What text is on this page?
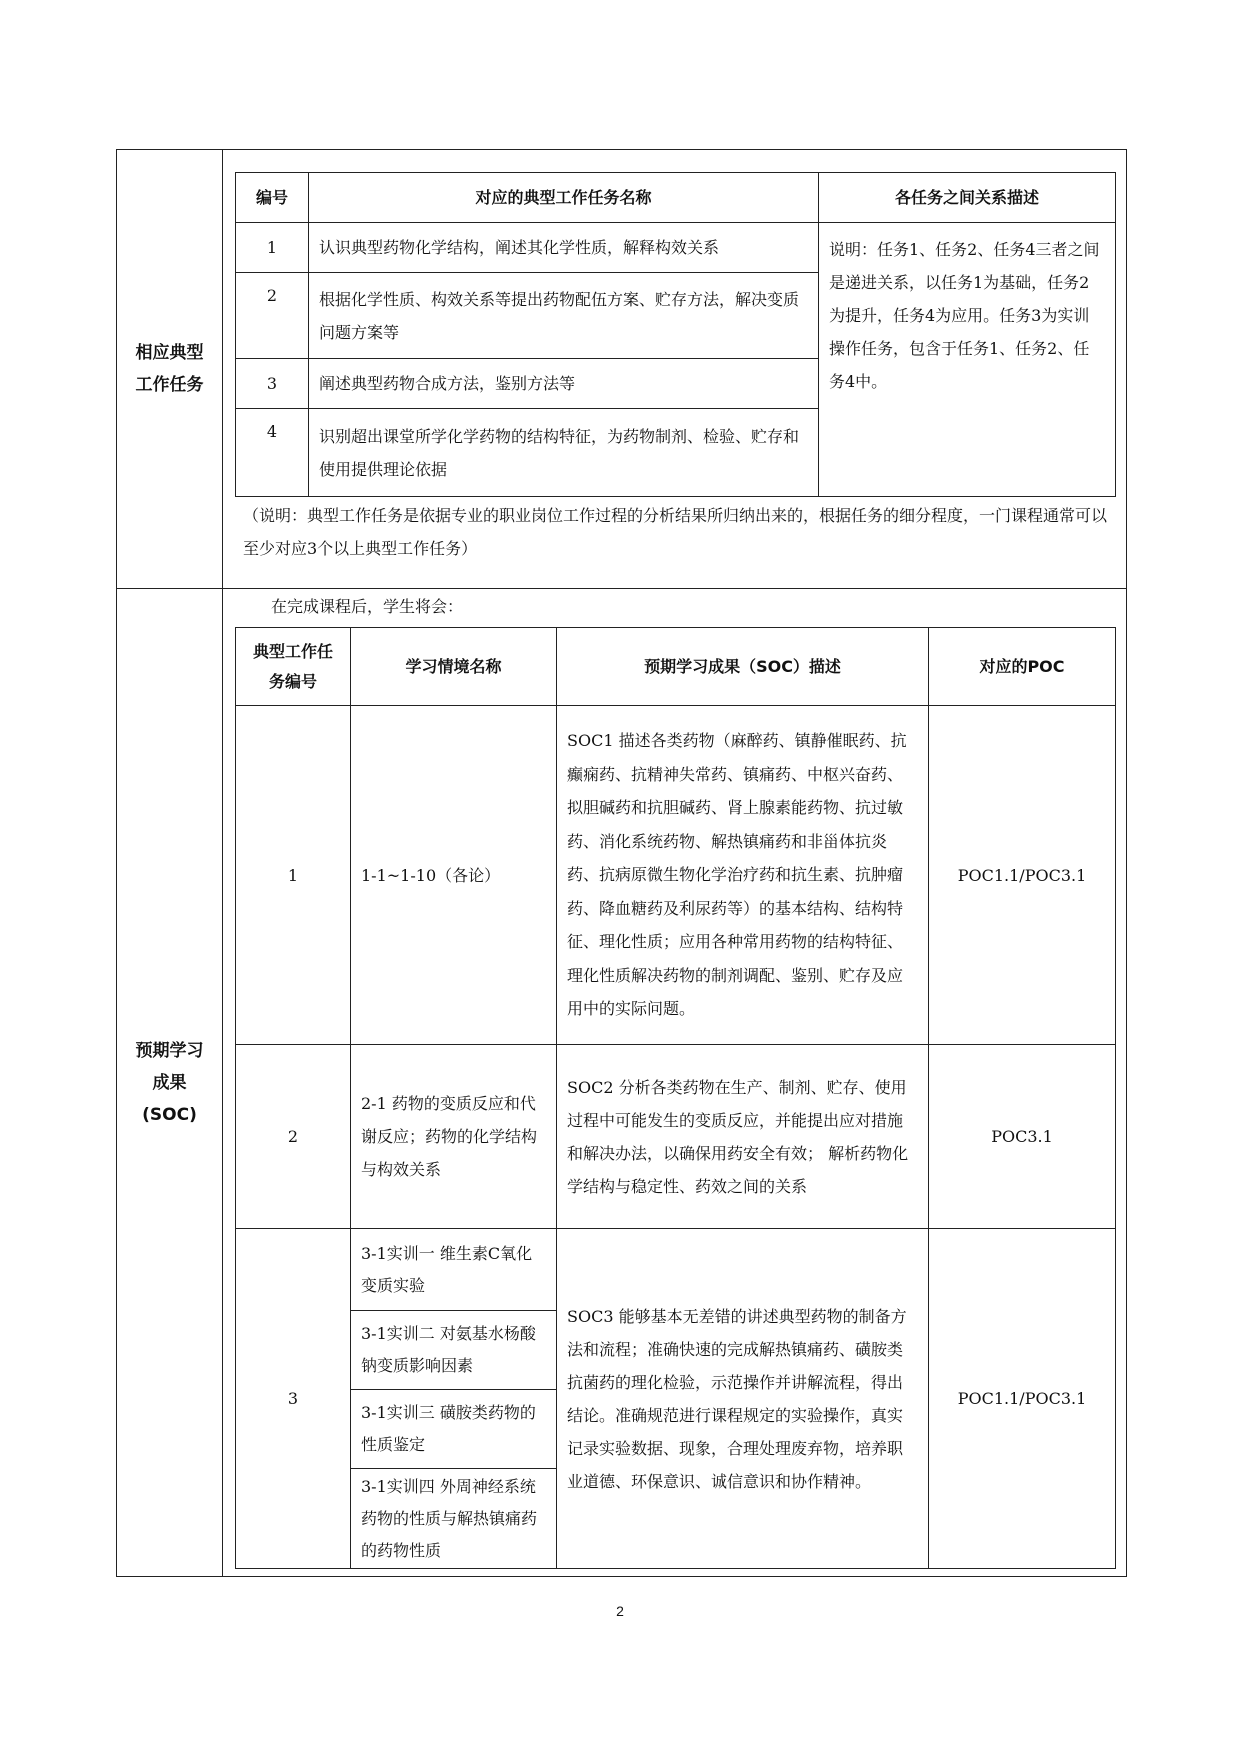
相应典型工作任务	
编号	对应的典型工作任务名称	各任务之间关系描述
1	认识典型药物化学结构，阐述其化学性质，解释构效关系	说明：任务1、任务2、任务4三者之间是递进关系，以任务1为基础，任务2为提升，任务4为应用。任务3为实训操作任务，包含于任务1、任务2、任务4中。
2	根据化学性质、构效关系等提出药物配伍方案、贮存方法，解决变质问题方案等
3	阐述典型药物合成方法，鉴别方法等
4	识别超出课堂所学化学药物的结构特征，为药物制剂、检验、贮存和使用提供理论依据
（说明：典型工作任务是依据专业的职业岗位工作过程的分析结果所归纳出来的，根据任务的细分程度，一门课程通常可以至少对应3个以上典型工作任务）

预期学习成果(SOC)	
在完成课程后，学生将会：
典型工作任务编号	学习情境名称	预期学习成果（SOC）描述	对应的POC
1	1-1~1-10（各论）	SOC1 描述各类药物（麻醉药、镇静催眠药、抗癫痫药、抗精神失常药、镇痛药、中枢兴奋药、拟胆碱药和抗胆碱药、肾上腺素能药物、抗过敏药、消化系统药物、解热镇痛药和非甾体抗炎药、抗病原微生物化学治疗药和抗生素、抗肿瘤药、降血糖药及利尿药等）的基本结构、结构特征、理化性质；应用各种常用药物的结构特征、理化性质解决药物的制剂调配、鉴别、贮存及应用中的实际问题。	POC1.1/POC3.1
2	2-1 药物的变质反应和代谢反应；药物的化学结构与构效关系	SOC2 分析各类药物在生产、制剂、贮存、使用过程中可能发生的变质反应，并能提出应对措施和解决办法，以确保用药安全有效； 解析药物化学结构与稳定性、药效之间的关系	POC3.1
3	3-1实训一 维生素C氧化变质实验	SOC3 能够基本无差错的讲述典型药物的制备方法和流程；准确快速的完成解热镇痛药、磺胺类抗菌药的理化检验，示范操作并讲解流程，得出结论。准确规范进行课程规定的实验操作，真实记录实验数据、现象，合理处理废弃物，培养职业道德、环保意识、诚信意识和协作精神。	POC1.1/POC3.1
3-1实训二 对氨基水杨酸钠变质影响因素
3-1实训三 磺胺类药物的性质鉴定
3-1实训四 外周神经系统药物的性质与解热镇痛药的药物性质
2
